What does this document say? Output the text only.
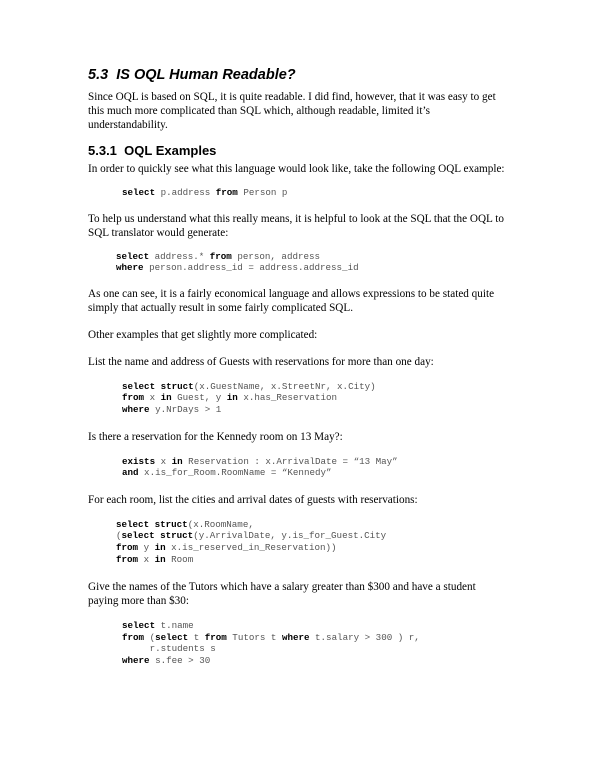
5.3 IS OQL Human Readable?

Since OQL is based on SQL, it is quite readable. I did find, however, that it was easy to get this much more complicated than SQL which, although readable, limited it’s understandability.

5.3.1 OQL Examples

In order to quickly see what this language would look like, take the following OQL example:

select p.address from Person p

To help us understand what this really means, it is helpful to look at the SQL that the OQL to SQL translator would generate:

select address.* from person, address
where person.address_id = address.address_id

As one can see, it is a fairly economical language and allows expressions to be stated quite simply that actually result in some fairly complicated SQL.

Other examples that get slightly more complicated:

List the name and address of Guests with reservations for more than one day:

select struct(x.GuestName, x.StreetNr, x.City)
from x in Guest, y in x.has_Reservation
where y.NrDays > 1

Is there a reservation for the Kennedy room on 13 May?:

exists x in Reservation : x.ArrivalDate = “13 May”
and x.is_for_Room.RoomName = “Kennedy”

For each room, list the cities and arrival dates of guests with reservations:

select struct(x.RoomName,
(select struct(y.ArrivalDate, y.is_for_Guest.City
from y in x.is_reserved_in_Reservation))
from x in Room

Give the names of the Tutors which have a salary greater than $300 and have a student paying more than $30:

select t.name
from (select t from Tutors t where t.salary > 300 ) r,
r.students s
where s.fee > 30
